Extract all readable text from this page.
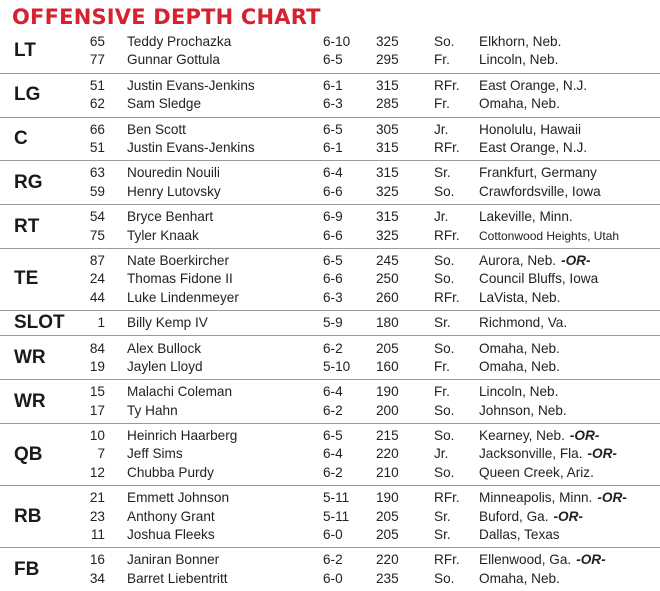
OFFENSIVE DEPTH CHART
LT	65 Teddy Prochazka	6-10 325	So. Elkhorn, Neb.
77 Gunnar Gottula	6-5 295	Fr. Lincoln, Neb.
LG	51 Justin Evans-Jenkins	6-1 315	RFr. East Orange, N.J.
62 Sam Sledge	6-3 285	Fr. Omaha, Neb.
C	66 Ben Scott	6-5 305	Jr. Honolulu, Hawaii
51 Justin Evans-Jenkins	6-1 315	RFr. East Orange, N.J.
RG	63 Nouredin Nouili	6-4 315	Sr. Frankfurt, Germany
59 Henry Lutovsky	6-6 325	So. Crawfordsville, Iowa
RT	54 Bryce Benhart	6-9 315	Jr. Lakeville, Minn.
75 Tyler Knaak	6-6 325	RFr. Cottonwood Heights, Utah
TE
87 Nate Boerkircher	6-5 245	So. Aurora, Neb. -OR-
24 Thomas Fidone II	6-6 250	So. Council Bluffs, Iowa
44 Luke Lindenmeyer	6-3 260	RFr. LaVista, Neb.
SLOT	1 Billy Kemp IV	5-9 180	Sr. Richmond, Va.
WR	84 Alex Bullock	6-2 205	So. Omaha, Neb.
19 Jaylen Lloyd	5-10 160	Fr. Omaha, Neb.
WR	15 Malachi Coleman	6-4 190	Fr. Lincoln, Neb.
17 Ty Hahn	6-2 200	So. Johnson, Neb.
QB
10 Heinrich Haarberg	6-5 215	So. Kearney, Neb. -OR-
7 Jeff Sims	6-4 220	Jr. Jacksonville, Fla. -OR-
12 Chubba Purdy	6-2 210	So. Queen Creek, Ariz.
RB
21 Emmett Johnson	5-11 190	RFr. Minneapolis, Minn. -OR-
23 Anthony Grant	5-11 205	Sr. Buford, Ga. -OR-
11 Joshua Fleeks	6-0 205	Sr. Dallas, Texas
FB	16 Janiran Bonner	6-2 220	RFr. Ellenwood, Ga. -OR-
34 Barret Liebentritt	6-0 235	So. Omaha, Neb.
